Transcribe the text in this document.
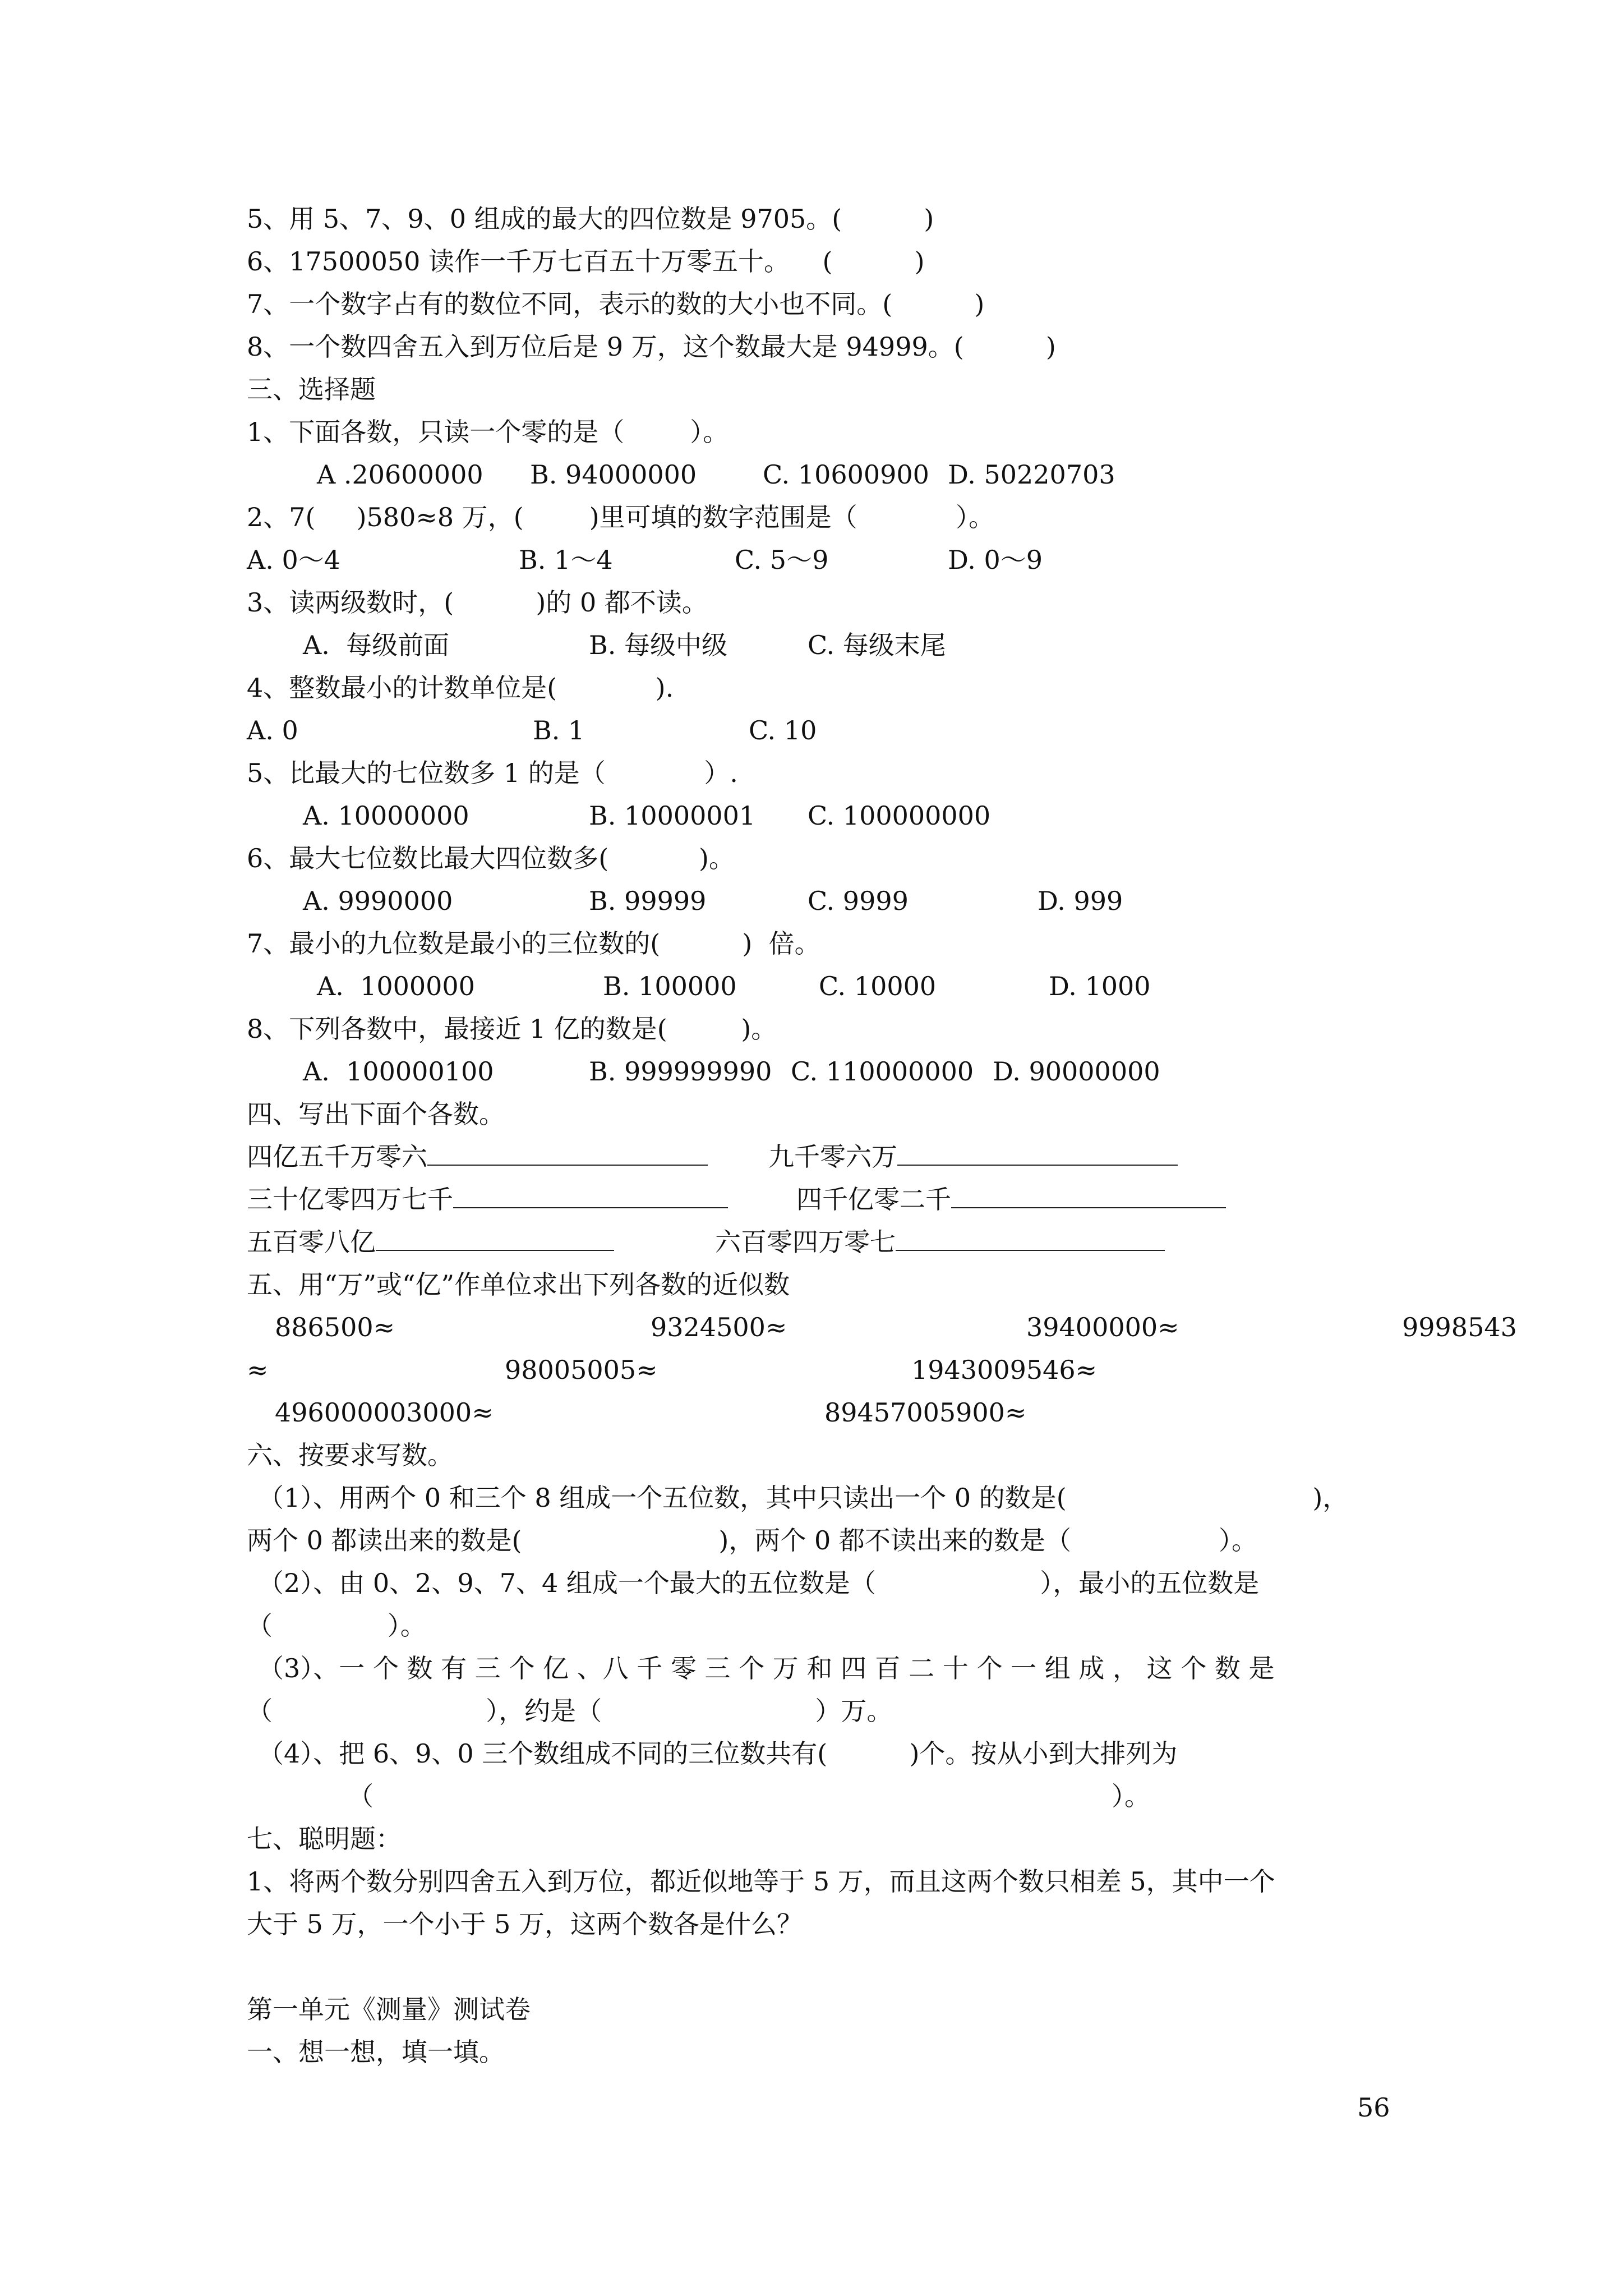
5、用 5、7、9、0 组成的最大的四位数是 9705。(          )
6、17500050 读作一千万七百五十万零五十。    (          )
7、一个数字占有的数位不同，表示的数的大小也不同。(          )
8、一个数四舍五入到万位后是 9 万，这个数最大是 94999。(          )
三、选择题
1、下面各数，只读一个零的是（        ）。
A .20600000 B. 94000000	C. 10600900 D. 50220703
2、7(     )580≈8 万，(        )里可填的数字范围是（            ）。
A. 0～4	B. 1～4	C. 5～9	D. 0～9
3、读两级数时，(          )的 0 都不读。
A.  每级前面	B. 每级中级	C. 每级末尾
4、整数最小的计数单位是(            ).
A. 0	B. 1	C. 10
5、比最大的七位数多 1 的是（            ）.
A. 10000000	B. 10000001 C. 100000000
6、最大七位数比最大四位数多(           )。
A. 9990000	B. 99999	C. 9999	D. 999
7、最小的九位数是最小的三位数的(          )  倍。
A.  1000000	B. 100000	C. 10000	D. 1000
8、下列各数中，最接近 1 亿的数是(         )。
A.  100000100	B. 999999990 C. 110000000 D. 90000000
四、写出下面个各数。
四亿五千万零六	九千零六万
三十亿零四万七千	四千亿零二千
五百零八亿	六百零四万零七
五、用“万”或“亿”作单位求出下列各数的近似数
886500≈	9324500≈	39400000≈	9998543
≈	98005005≈	1943009546≈
496000003000≈	89457005900≈
六、按要求写数。
（1）、用两个 0 和三个 8 组成一个五位数，其中只读出一个 0 的数是(                              )，
两个 0 都读出来的数是(                        )，两个 0 都不读出来的数是（                  ）。
（2）、由 0、2、9、7、4 组成一个最大的五位数是（                    ），最小的五位数是
（              ）。
（3）、一 个 数 有 三 个 亿 、八 千 零 三 个 万 和 四 百 二 十 个 一 组 成 ， 这 个 数 是
（                          ），约是（                          ）万。
（4）、把 6、9、0 三个数组成不同的三位数共有(          )个。按从小到大排列为
（                                                                                          ）。
七、聪明题：
1、将两个数分别四舍五入到万位，都近似地等于 5 万，而且这两个数只相差 5，其中一个
大于 5 万，一个小于 5 万，这两个数各是什么？
第一单元《测量》测试卷
一、想一想，填一填。
56
